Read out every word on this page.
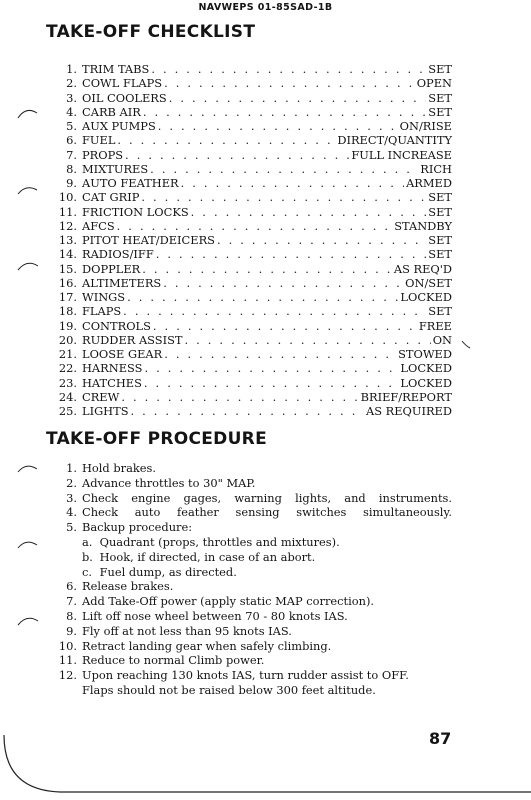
NAVWEPS 01-85SAD-1B
TAKE-OFF CHECKLIST
1. TRIM TABS . . .	SET
2. COWL FLAPS . . .	OPEN
3. OIL COOLERS . . .	SET
4. CARB AIR . . .	SET
5. AUX PUMPS . . .	ON/RISE
6. FUEL . . .	DIRECT/QUANTITY
7. PROPS . . .	FULL INCREASE
8. MIXTURES . . .	RICH
9. AUTO FEATHER . . .	ARMED
10. CAT GRIP . . .	SET
11. FRICTION LOCKS . . .	SET
12. AFCS . . .	STANDBY
13. PITOT HEAT/DEICERS . . .	SET
14. RADIOS/IFF . . .	SET
15. DOPPLER . . .	AS REQ'D
16. ALTIMETERS . . .	ON/SET
17. WINGS . . .	LOCKED
18. FLAPS . . .	SET
19. CONTROLS . . .	FREE
20. RUDDER ASSIST . . .	ON
21. LOOSE GEAR . . .	STOWED
22. HARNESS . . .	LOCKED
23. HATCHES . . .	LOCKED
24. CREW . . .	BRIEF/REPORT
25. LIGHTS . . .	AS REQUIRED
TAKE-OFF PROCEDURE
1. Hold brakes.
2. Advance throttles to 30" MAP.
3. Check engine gages, warning lights, and instruments.
4. Check auto feather sensing switches simultaneously.
5. Backup procedure:
a. Quadrant (props, throttles and mixtures).
b. Hook, if directed, in case of an abort.
c. Fuel dump, as directed.
6. Release brakes.
7. Add Take-Off power (apply static MAP correction).
8. Lift off nose wheel between 70 - 80 knots IAS.
9. Fly off at not less than 95 knots IAS.
10. Retract landing gear when safely climbing.
11. Reduce to normal Climb power.
12. Upon reaching 130 knots IAS, turn rudder assist to OFF.
Flaps should not be raised below 300 feet altitude.
87
